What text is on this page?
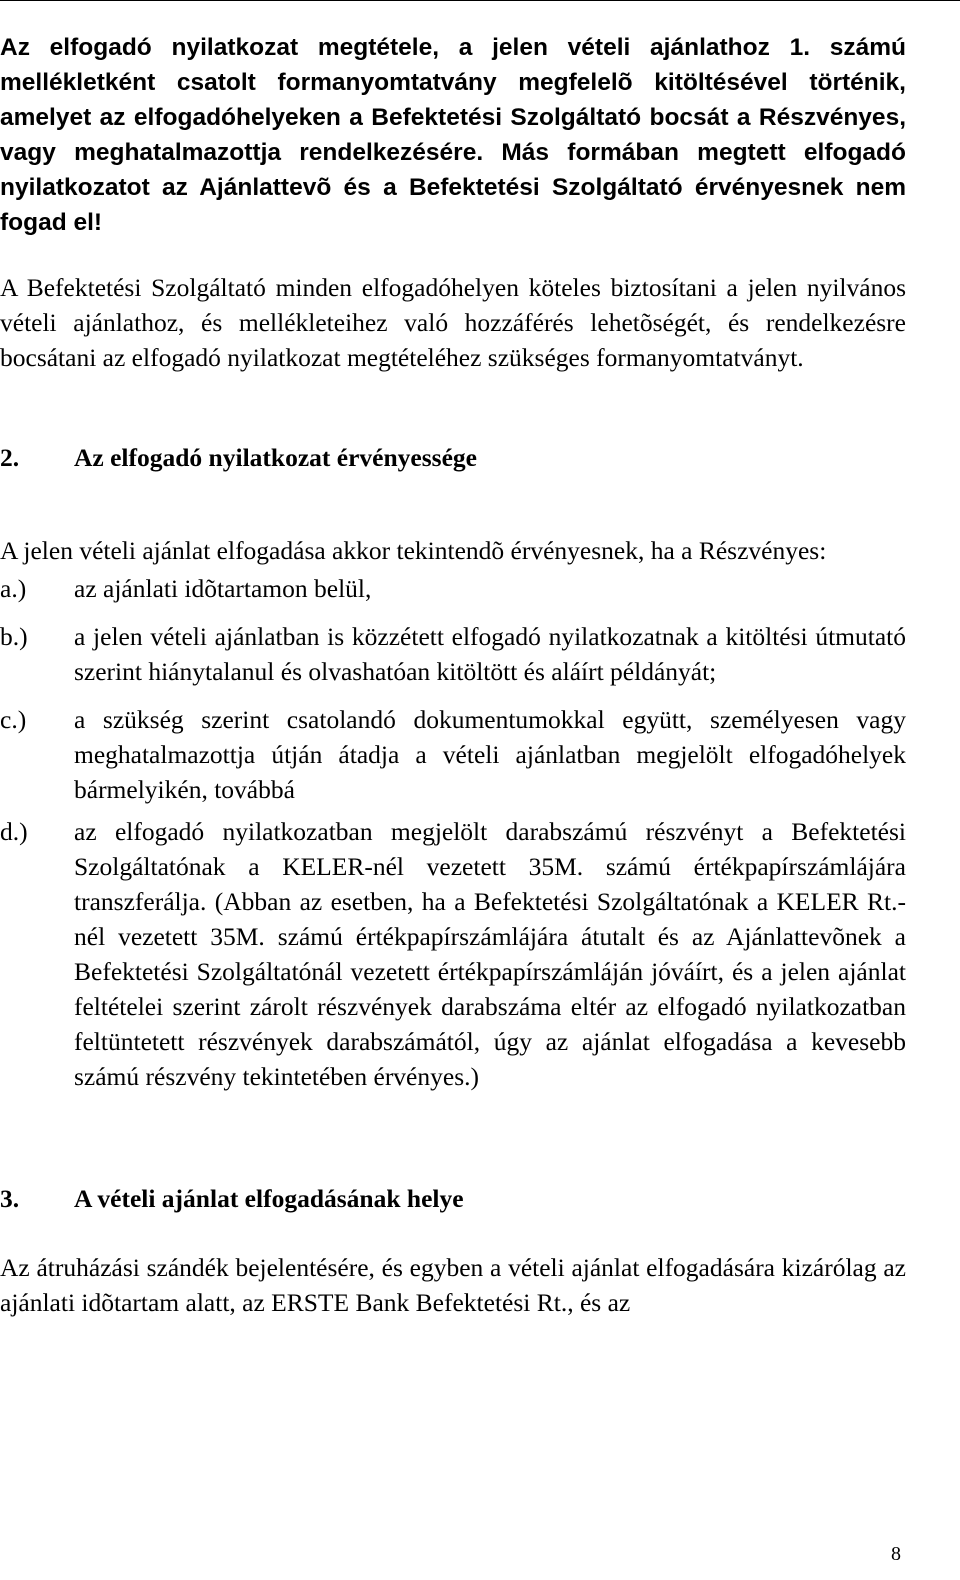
Az elfogadó nyilatkozat megtétele, a jelen vételi ajánlathoz 1. számú mellékletként csatolt formanyomtatvány megfelelõ kitöltésével történik, amelyet az elfogadóhelyeken a Befektetési Szolgáltató bocsát a Részvényes, vagy meghatalmazottja rendelkezésére. Más formában megtett elfogadó nyilatkozatot az Ajánlattevõ és a Befektetési Szolgáltató érvényesnek nem fogad el!

A Befektetési Szolgáltató minden elfogadóhelyen köteles biztosítani a jelen nyilvános vételi ajánlathoz, és mellékleteihez való hozzáférés lehetõségét, és rendelkezésre bocsátani az elfogadó nyilatkozat megtételéhez szükséges formanyomtatványt.

2.	Az elfogadó nyilatkozat érvényessége

A jelen vételi ajánlat elfogadása akkor tekintendõ érvényesnek, ha a Részvényes:

a.) az ajánlati idõtartamon belül,
b.) a jelen vételi ajánlatban is közzétett elfogadó nyilatkozatnak a kitöltési útmutató szerint hiánytalanul és olvashatóan kitöltött és aláírt példányát;
c.) a szükség szerint csatolandó dokumentumokkal együtt, személyesen vagy meghatalmazottja útján átadja a vételi ajánlatban megjelölt elfogadóhelyek bármelyikén, továbbá
d.) az elfogadó nyilatkozatban megjelölt darabszámú részvényt a Befektetési Szolgáltatónak a KELER-nél vezetett 35M. számú értékpapírszámlájára transzferálja. (Abban az esetben, ha a Befektetési Szolgáltatónak a KELER Rt.-nél vezetett 35M. számú értékpapírszámlájára átutalt és az Ajánlattevõnek a Befektetési Szolgáltatónál vezetett értékpapírszámláján jóváírt, és a jelen ajánlat feltételei szerint zárolt részvények darabszáma eltér az elfogadó nyilatkozatban feltüntetett részvények darabszámától, úgy az ajánlat elfogadása a kevesebb számú részvény tekintetében érvényes.)
3.	A vételi ajánlat elfogadásának helye

Az átruházási szándék bejelentésére, és egyben a vételi ajánlat elfogadására kizárólag az ajánlati idõtartam alatt, az ERSTE Bank Befektetési Rt., és az

8
